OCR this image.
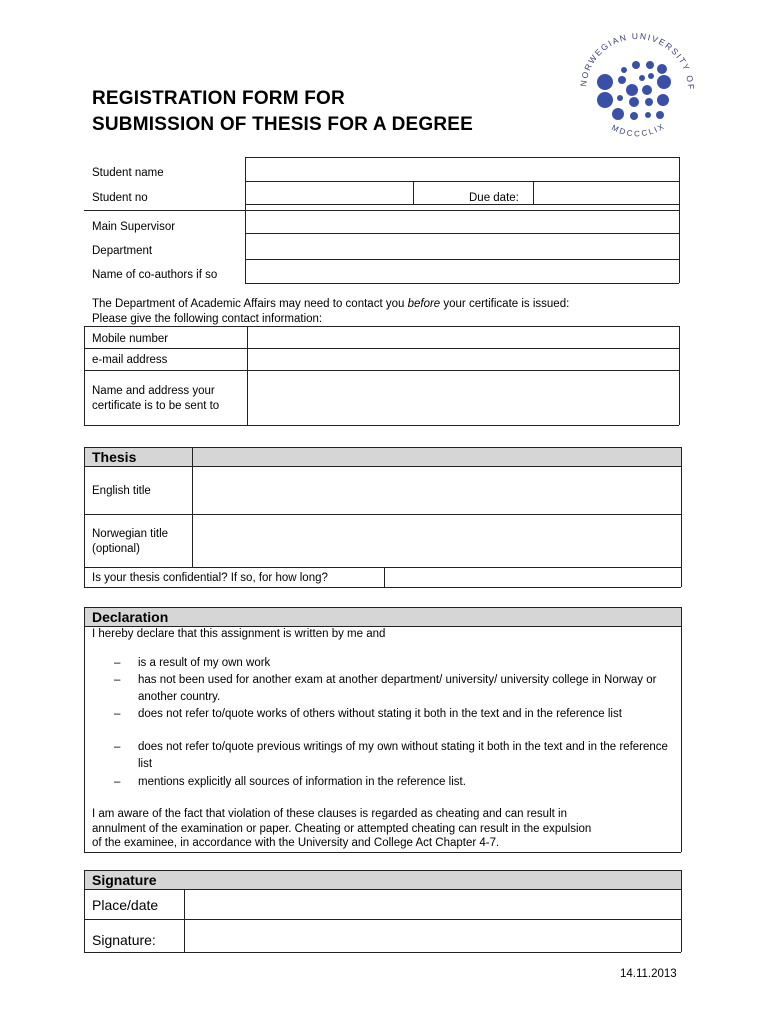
NORWEGIAN UNIVERSITY OF
MDCCCLIX
REGISTRATION FORM FOR
SUBMISSION OF THESIS FOR A DEGREE
Student name
Student no	Due date:
Main Supervisor
Department
Name of co-authors if so
The Department of Academic Affairs may need to contact you before your certificate is issued:
Please give the following contact information:
Mobile number
e-mail address
Name and address your
certificate is to be sent to
Thesis
English title
Norwegian title
(optional)
Is your thesis confidential? If so, for how long?
Declaration
I hereby declare that this assignment is written by me and
– is a result of my own work
– has not been used for another exam at another department/ university/ university college in Norway or another country.
– does not refer to/quote works of others without stating it both in the text and in the reference list
– does not refer to/quote previous writings of my own without stating it both in the text and in the reference list
– mentions explicitly all sources of information in the reference list.
I am aware of the fact that violation of these clauses is regarded as cheating and can result in
annulment of the examination or paper. Cheating or attempted cheating can result in the expulsion
of the examinee, in accordance with the University and College Act Chapter 4-7.
Signature
Place/date
Signature:
14.11.2013
